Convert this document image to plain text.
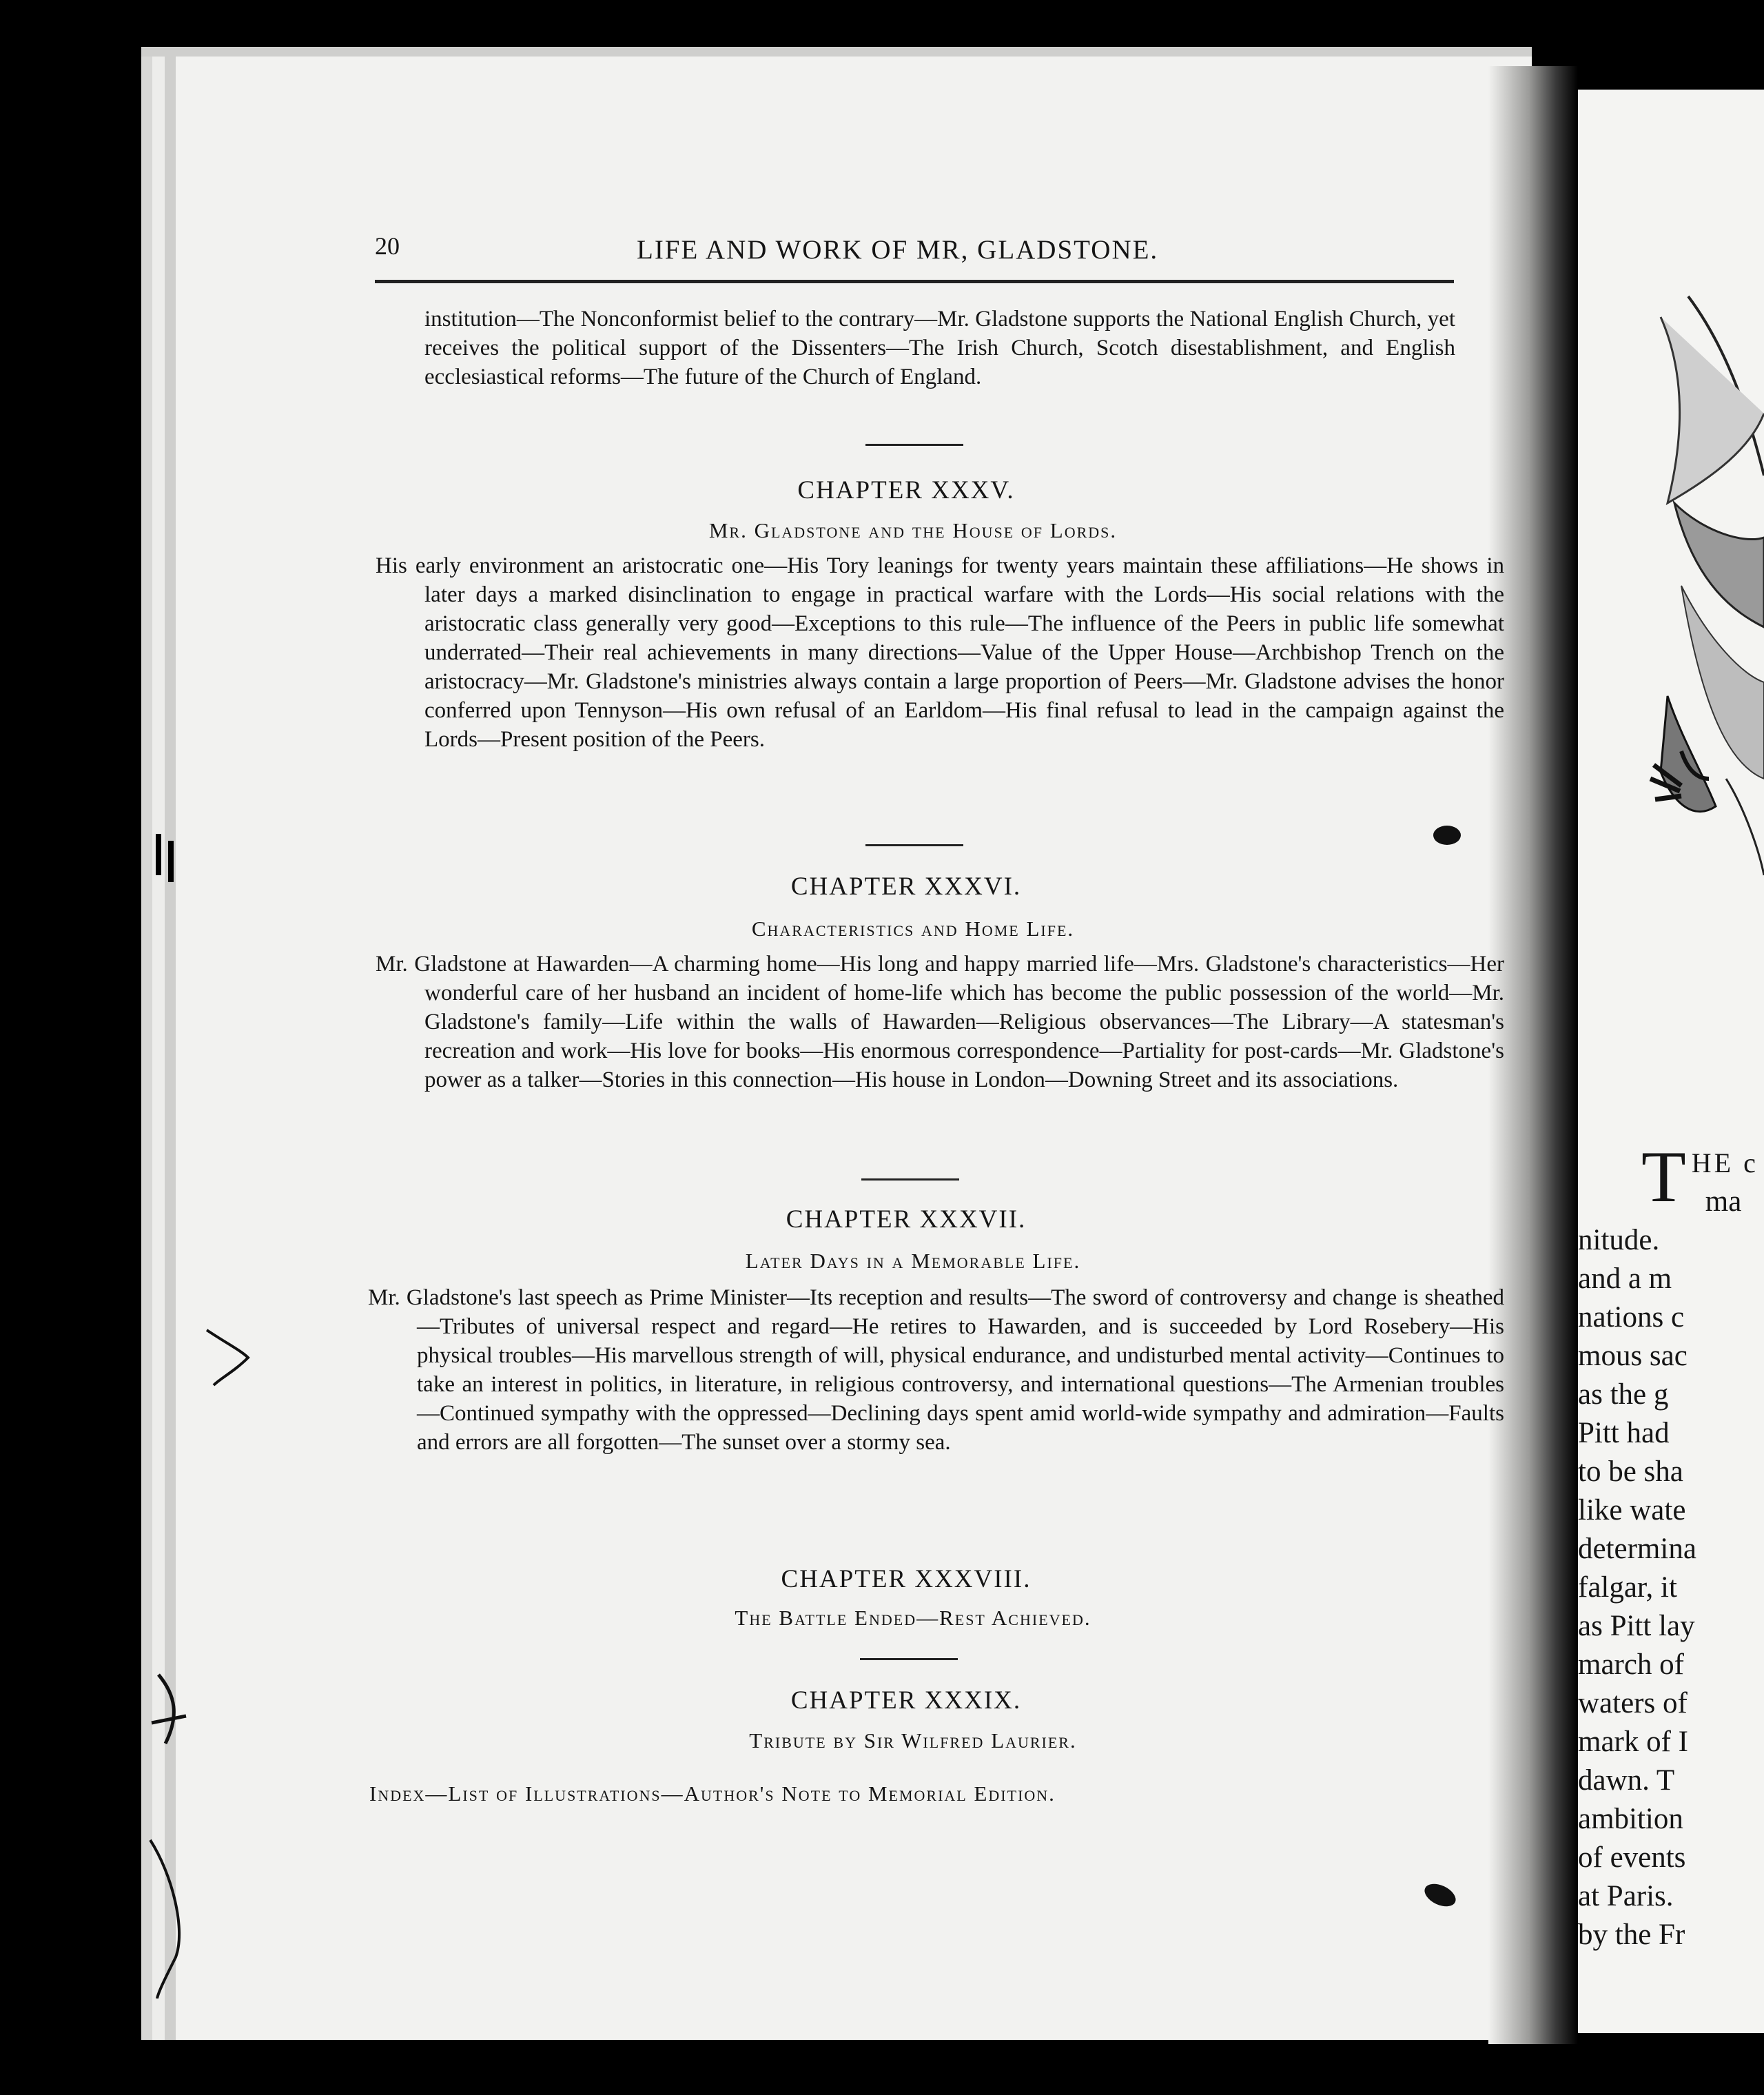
T HE c
ma
nitude.
and a m
nations c
mous sac
as the g
Pitt had
to be sha
like wate
determina
falgar, it
as Pitt lay
march of
waters of
mark of I
dawn. T
ambition
of events
at Paris.
by the Fr
20	LIFE AND WORK OF MR, GLADSTONE.

institution—The Nonconformist belief to the contrary—Mr. Gladstone supports the National English Church, yet receives the political support of the Dissenters—The Irish Church, Scotch disestablishment, and English ecclesiastical reforms—The future of the Church of England.

CHAPTER XXXV.
Mr. Gladstone and the House of Lords.

His early environment an aristocratic one—His Tory leanings for twenty years maintain these affiliations—He shows in later days a marked disinclination to engage in practical warfare with the Lords—His social relations with the aristocratic class generally very good—Exceptions to this rule—The influence of the Peers in public life somewhat underrated—Their real achievements in many directions—Value of the Upper House—Archbishop Trench on the aristocracy—Mr. Gladstone's ministries always contain a large proportion of Peers—Mr. Gladstone advises the honor conferred upon Tennyson—His own refusal of an Earldom—His final refusal to lead in the campaign against the Lords—Present position of the Peers.

CHAPTER XXXVI.
Characteristics and Home Life.

Mr. Gladstone at Hawarden—A charming home—His long and happy married life—Mrs. Gladstone's characteristics—Her wonderful care of her husband an incident of home-life which has become the public possession of the world—Mr. Gladstone's family—Life within the walls of Hawarden—Religious observances—The Library—A statesman's recreation and work—His love for books—His enormous correspondence—Partiality for post-cards—Mr. Gladstone's power as a talker—Stories in this connection—His house in London—Downing Street and its associations.

CHAPTER XXXVII.
Later Days in a Memorable Life.

Mr. Gladstone's last speech as Prime Minister—Its reception and results—The sword of controversy and change is sheathed—Tributes of universal respect and regard—He retires to Hawarden, and is succeeded by Lord Rosebery—His physical troubles—His marvellous strength of will, physical endurance, and undisturbed mental activity—Continues to take an interest in politics, in literature, in religious controversy, and international questions—The Armenian troubles—Continued sympathy with the oppressed—Declining days spent amid world-wide sympathy and admiration—Faults and errors are all forgotten—The sunset over a stormy sea.

CHAPTER XXXVIII.
The Battle Ended—Rest Achieved.
CHAPTER XXXIX.
Tribute by Sir Wilfred Laurier.
Index—List of Illustrations—Author's Note to Memorial Edition.
